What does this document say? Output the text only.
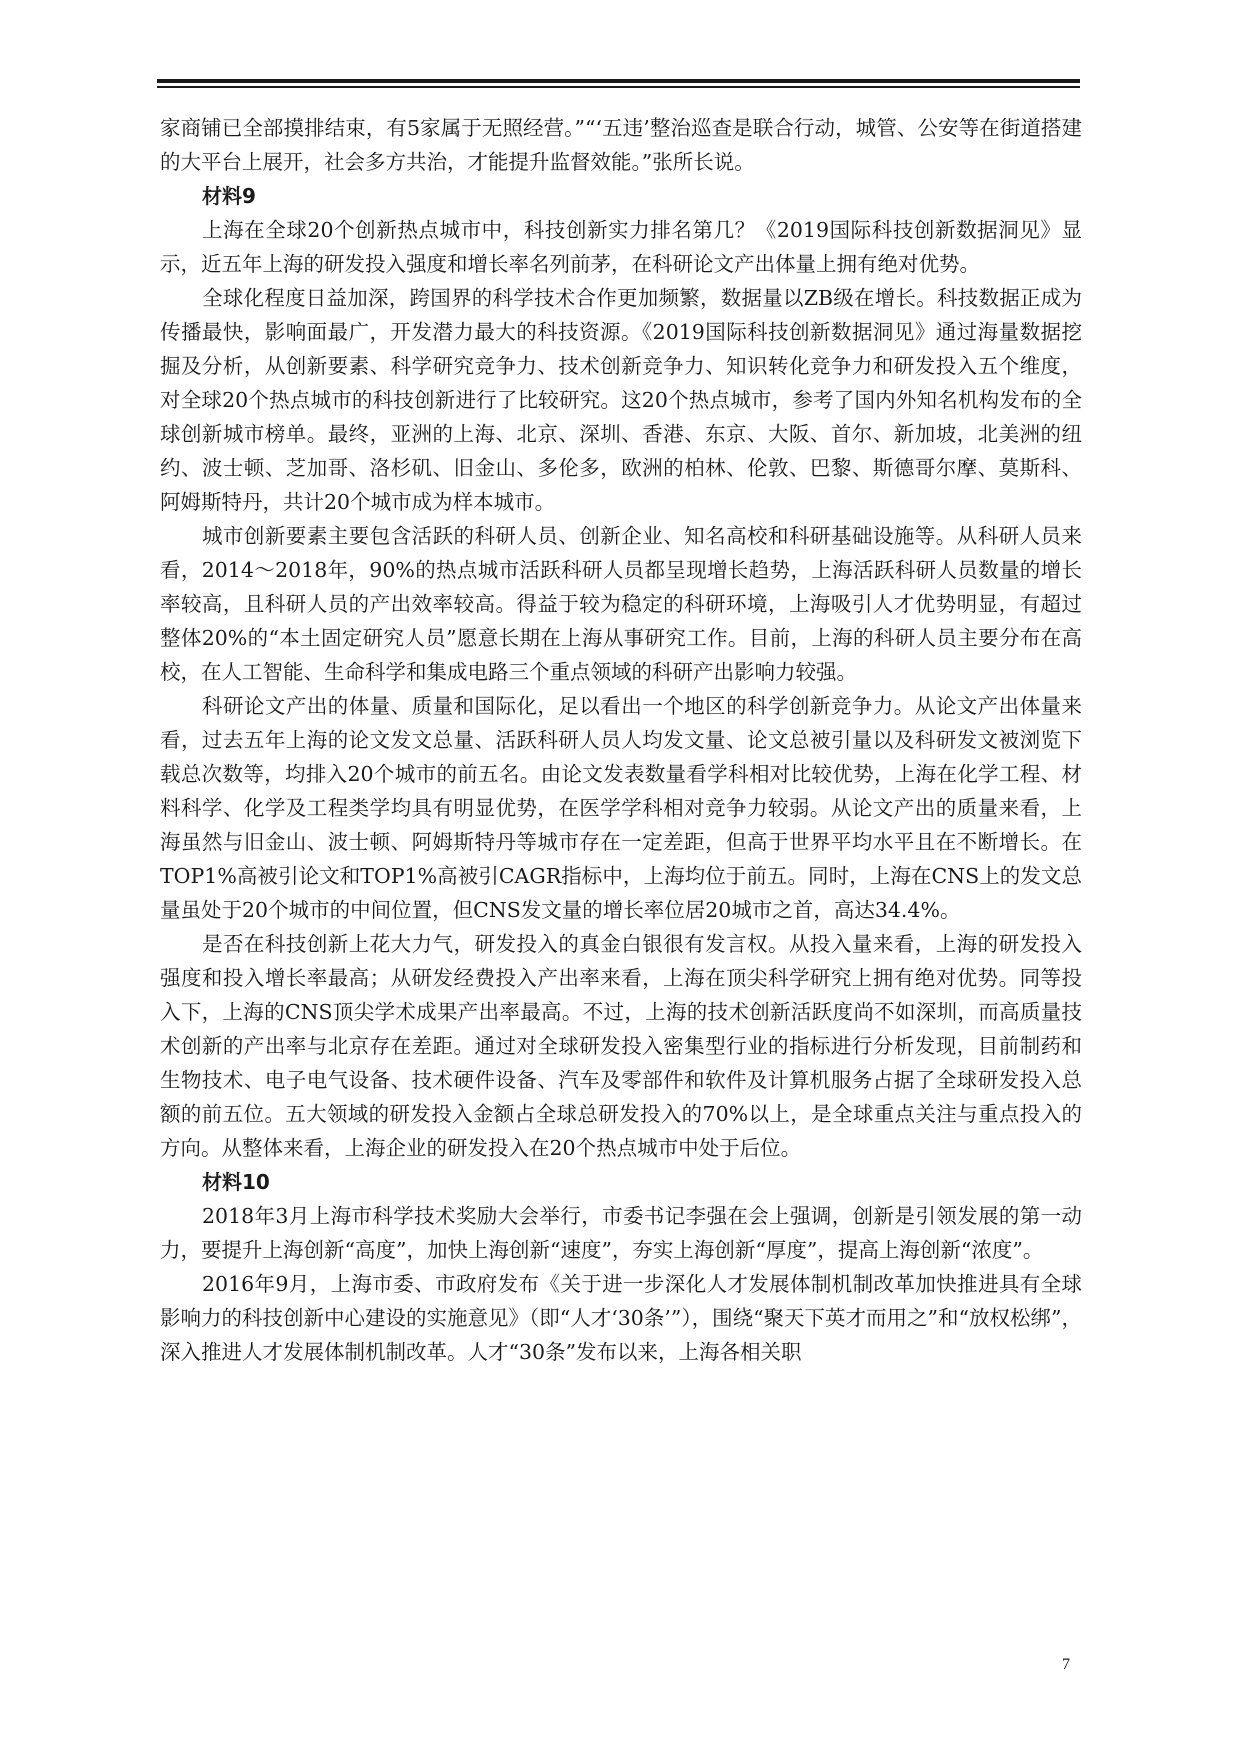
家商铺已全部摸排结束，有5家属于无照经营。”“‘五违’整治巡查是联合行动，城管、公安等在街道搭建的大平台上展开，社会多方共治，才能提升监督效能。”张所长说。

材料9

上海在全球20个创新热点城市中，科技创新实力排名第几？《2019国际科技创新数据洞见》显示，近五年上海的研发投入强度和增长率名列前茅，在科研论文产出体量上拥有绝对优势。

全球化程度日益加深，跨国界的科学技术合作更加频繁，数据量以ZB级在增长。科技数据正成为传播最快，影响面最广，开发潜力最大的科技资源。《2019国际科技创新数据洞见》通过海量数据挖掘及分析，从创新要素、科学研究竞争力、技术创新竞争力、知识转化竞争力和研发投入五个维度，对全球20个热点城市的科技创新进行了比较研究。这20个热点城市，参考了国内外知名机构发布的全球创新城市榜单。最终，亚洲的上海、北京、深圳、香港、东京、大阪、首尔、新加坡，北美洲的纽约、波士顿、芝加哥、洛杉矶、旧金山、多伦多，欧洲的柏林、伦敦、巴黎、斯德哥尔摩、莫斯科、阿姆斯特丹，共计20个城市成为样本城市。

城市创新要素主要包含活跃的科研人员、创新企业、知名高校和科研基础设施等。从科研人员来看，2014～2018年，90%的热点城市活跃科研人员都呈现增长趋势，上海活跃科研人员数量的增长率较高，且科研人员的产出效率较高。得益于较为稳定的科研环境，上海吸引人才优势明显，有超过整体20%的“本土固定研究人员”愿意长期在上海从事研究工作。目前，上海的科研人员主要分布在高校，在人工智能、生命科学和集成电路三个重点领域的科研产出影响力较强。

科研论文产出的体量、质量和国际化，足以看出一个地区的科学创新竞争力。从论文产出体量来看，过去五年上海的论文发文总量、活跃科研人员人均发文量、论文总被引量以及科研发文被浏览下载总次数等，均排入20个城市的前五名。由论文发表数量看学科相对比较优势，上海在化学工程、材料科学、化学及工程类学均具有明显优势，在医学学科相对竞争力较弱。从论文产出的质量来看，上海虽然与旧金山、波士顿、阿姆斯特丹等城市存在一定差距，但高于世界平均水平且在不断增长。在TOP1%高被引论文和TOP1%高被引CAGR指标中，上海均位于前五。同时，上海在CNS上的发文总量虽处于20个城市的中间位置，但CNS发文量的增长率位居20城市之首，高达34.4%。

是否在科技创新上花大力气，研发投入的真金白银很有发言权。从投入量来看，上海的研发投入强度和投入增长率最高；从研发经费投入产出率来看，上海在顶尖科学研究上拥有绝对优势。同等投入下，上海的CNS顶尖学术成果产出率最高。不过，上海的技术创新活跃度尚不如深圳，而高质量技术创新的产出率与北京存在差距。通过对全球研发投入密集型行业的指标进行分析发现，目前制药和生物技术、电子电气设备、技术硬件设备、汽车及零部件和软件及计算机服务占据了全球研发投入总额的前五位。五大领域的研发投入金额占全球总研发投入的70%以上，是全球重点关注与重点投入的方向。从整体来看，上海企业的研发投入在20个热点城市中处于后位。

材料10

2018年3月上海市科学技术奖励大会举行，市委书记李强在会上强调，创新是引领发展的第一动力，要提升上海创新“高度”，加快上海创新“速度”，夯实上海创新“厚度”，提高上海创新“浓度”。

2016年9月，上海市委、市政府发布《关于进一步深化人才发展体制机制改革加快推进具有全球影响力的科技创新中心建设的实施意见》（即“人才‘30条’”），围绕“聚天下英才而用之”和“放权松绑”，深入推进人才发展体制机制改革。人才“30条”发布以来，上海各相关职

7
